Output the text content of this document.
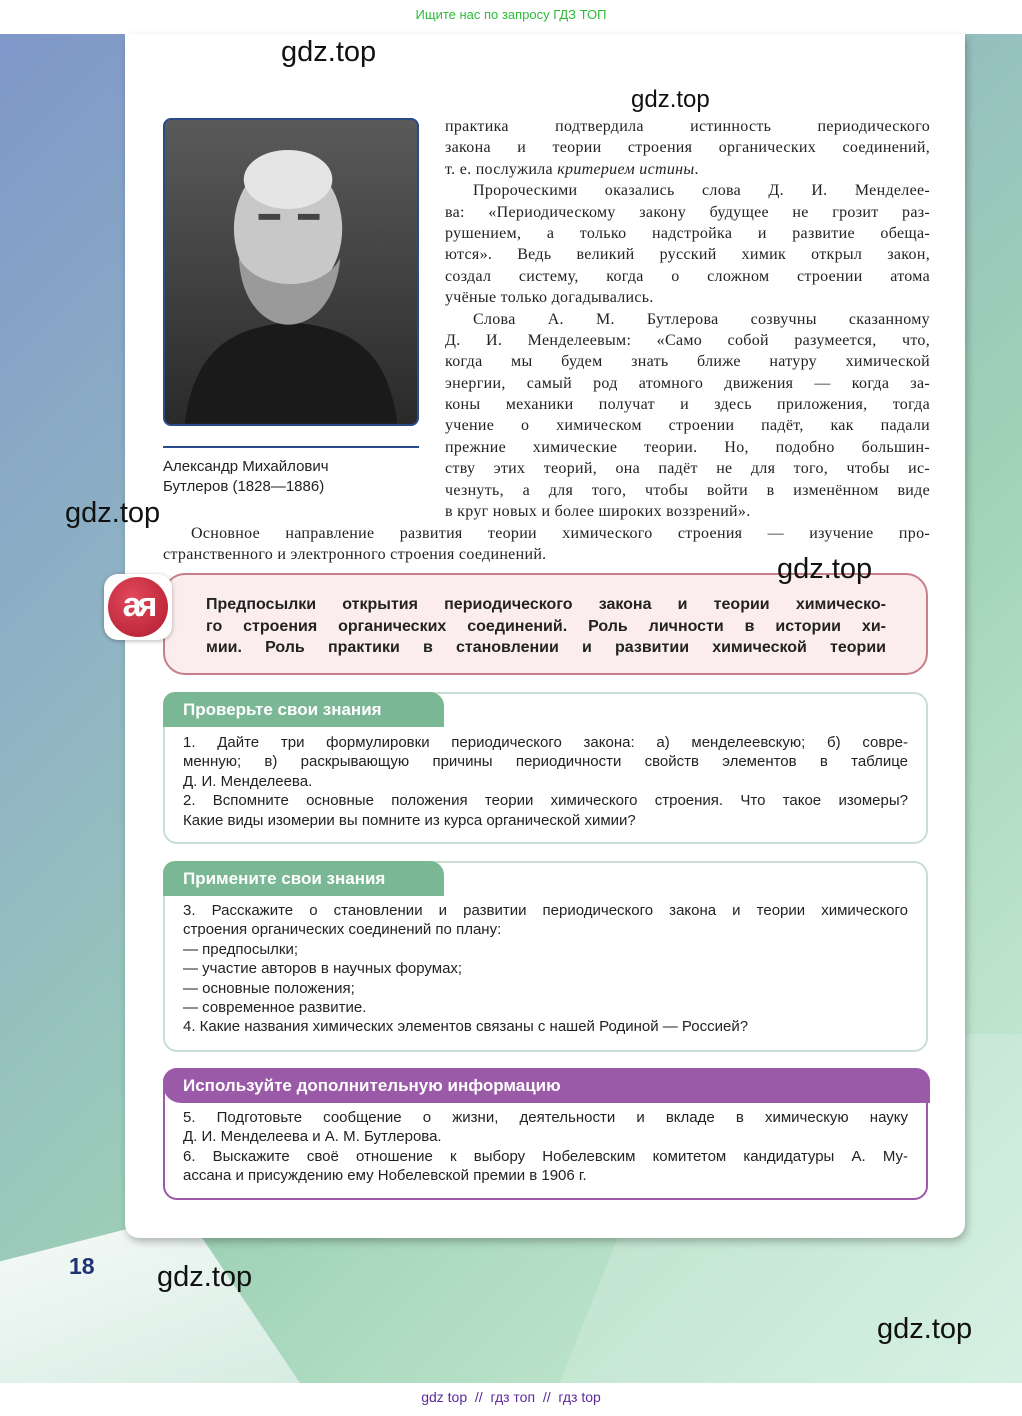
Ищите нас по запросу ГДЗ ТОП
Александр Михайлович
Бутлеров (1828—1886)
практика подтвердила истинность периодического
закона и теории строения органических соединений,
т. е. послужила критерием истины.
Пророческими оказались слова Д. И. Менделее-
ва: «Периодическому закону будущее не грозит раз-
рушением, а только надстройка и развитие обеща-
ются». Ведь великий русский химик открыл закон,
создал систему, когда о сложном строении атома
учёные только догадывались.
Слова А. М. Бутлерова созвучны сказанному
Д. И. Менделеевым: «Само собой разумеется, что,
когда мы будем знать ближе натуру химической
энергии, самый род атомного движения — когда за-
коны механики получат и здесь приложения, тогда
учение о химическом строении падёт, как падали
прежние химические теории. Но, подобно большин-
ству этих теорий, она падёт не для того, чтобы ис-
чезнуть, а для того, чтобы войти в изменённом виде
в круг новых и более широких воззрений».
Основное направление развития теории химического строения — изучение про-
странственного и электронного строения соединений.
ая	Предпосылки открытия периодического закона и теории химическо-
го строения органических соединений. Роль личности в истории хи-
мии. Роль практики в становлении и развитии химической теории
Проверьте свои знания
1. Дайте три формулировки периодического закона: а) менделеевскую; б) совре-
менную; в) раскрывающую причины периодичности свойств элементов в таблице
Д. И. Менделеева.
2. Вспомните основные положения теории химического строения. Что такое изомеры?
Какие виды изомерии вы помните из курса органической химии?
Примените свои знания
3. Расскажите о становлении и развитии периодического закона и теории химического
строения органических соединений по плану:
— предпосылки;
— участие авторов в научных форумах;
— основные положения;
— современное развитие.
4. Какие названия химических элементов связаны с нашей Родиной — Россией?
Используйте дополнительную информацию
5. Подготовьте сообщение о жизни, деятельности и вкладе в химическую науку
Д. И. Менделеева и А. М. Бутлерова.
6. Выскажите своё отношение к выбору Нобелевским комитетом кандидатуры А. Му-
ассана и присуждению ему Нобелевской премии в 1906 г.
18
gdz.top
gdz.top
gdz.top
gdz.top
gdz.top
gdz.top
gdz top  //  гдз топ  //  гдз top
